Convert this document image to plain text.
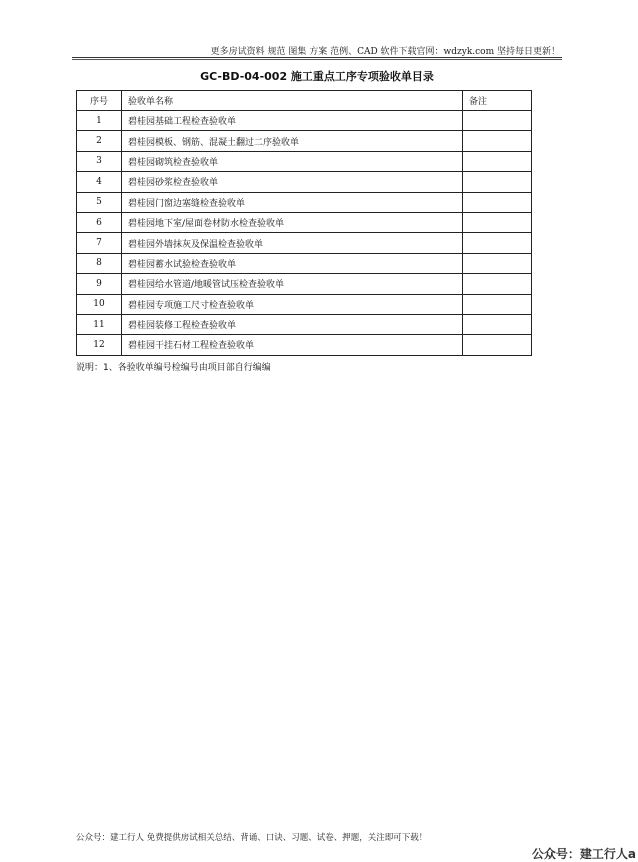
更多房试资料 规范 图集 方案 范例、CAD 软件下载官网：wdzyk.com 坚持每日更新！
GC-BD-04-002 施工重点工序专项验收单目录
序号	验收单名称	备注
1	碧桂园基础工程检查验收单	
2	碧桂园模板、钢筋、混凝土翻过二序验收单	
3	碧桂园砌筑检查验收单	
4	碧桂园砂浆检查验收单	
5	碧桂园门窗边塞缝检查验收单	
6	碧桂园地下室/屋面卷材防水检查验收单	
7	碧桂园外墙抹灰及保温检查验收单	
8	碧桂园蓄水试验检查验收单	
9	碧桂园给水管道/地暖管试压检查验收单	
10	碧桂园专项施工尺寸检查验收单	
11	碧桂园装修工程检查验收单	
12	碧桂园干挂石材工程检查验收单	
说明：1、各验收单编号检编号由项目部自行编编
公众号：建工行人 免费提供房试相关总结、背诵、口诀、习题、试卷、押题，关注即可下载！
公众号：建工行人a
